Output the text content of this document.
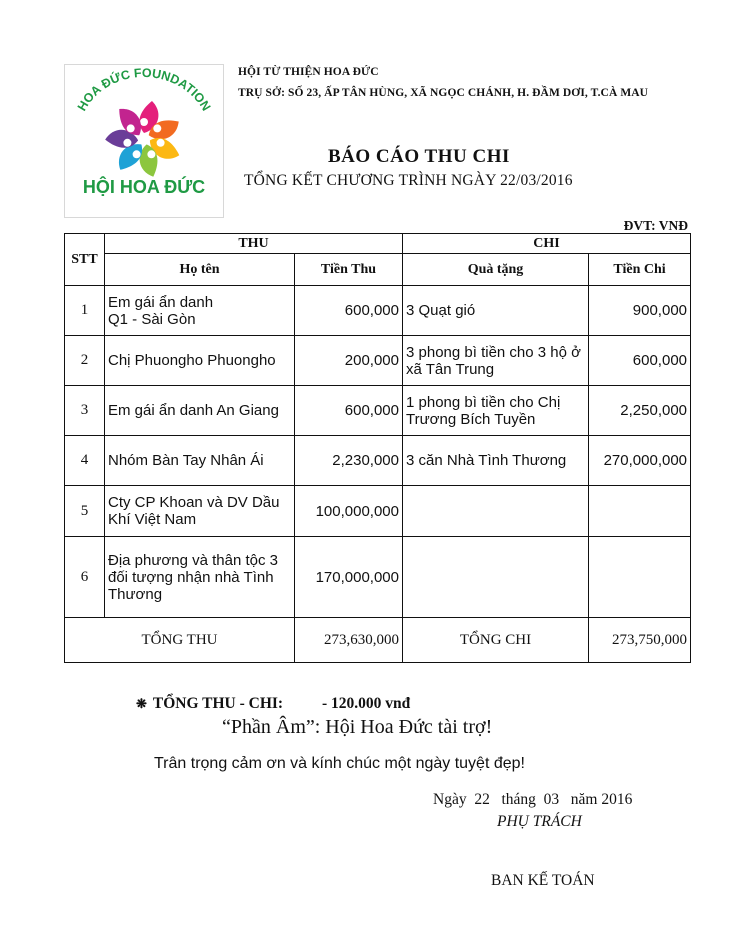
HOA ĐỨC FOUNDATION
HỘI HOA ĐỨC
HỘI TỪ THIỆN HOA ĐỨC
TRỤ SỞ: SỐ 23, ẤP TÂN HÙNG, XÃ NGỌC CHÁNH, H. ĐẦM DƠI, T.CÀ MAU
BÁO CÁO THU CHI
TỔNG KẾT CHƯƠNG TRÌNH NGÀY 22/03/2016
ĐVT: VNĐ
STT	THU		CHI	
	Họ tên	Tiền Thu	Quà tặng	Tiền Chi
1	Em gái ẩn danh
Q1 - Sài Gòn	600,000	3 Quạt gió	900,000
2	Chị Phuongho Phuongho	200,000	3 phong bì tiền cho 3 hộ ở
xã Tân Trung	600,000
3	Em gái ẩn danh An Giang	600,000	1 phong bì tiền cho Chị
Trương Bích Tuyền	2,250,000
4	Nhóm Bàn Tay Nhân Ái	2,230,000	3 căn Nhà Tình Thương	270,000,000
5	Cty CP Khoan và DV Dầu
Khí Việt Nam	100,000,000		
6	Địa phương và thân tộc 3
đối tượng nhận nhà Tình
Thương	170,000,000		
TỔNG THU		273,630,000	TỔNG CHI	273,750,000
❋ TỔNG THU - CHI:	- 120.000 vnđ
“Phần Âm”: Hội Hoa Đức tài trợ!
Trân trọng cảm ơn và kính chúc một ngày tuyệt đẹp!
Ngày  22   tháng  03   năm 2016
PHỤ TRÁCH
BAN KẾ TOÁN
